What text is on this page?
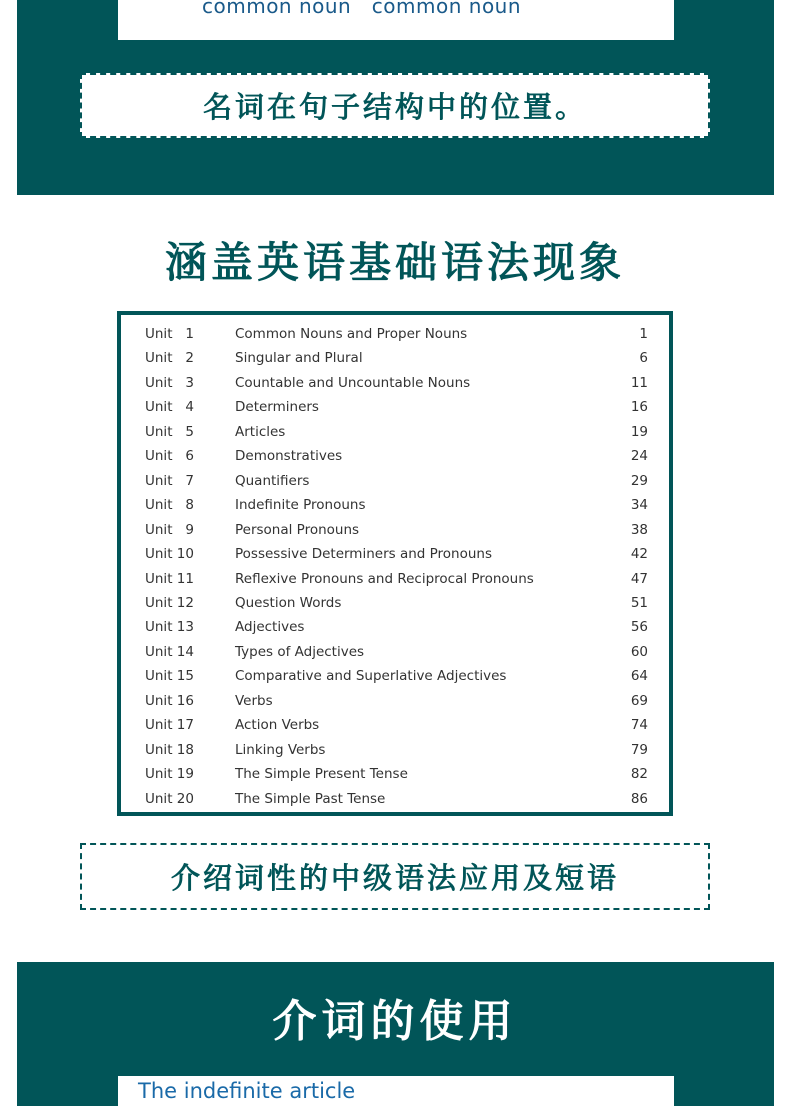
common noun   common noun
名词在句子结构中的位置。
涵盖英语基础语法现象
Unit   1	Common Nouns and Proper Nouns	1
Unit   2	Singular and Plural	6
Unit   3	Countable and Uncountable Nouns	11
Unit   4	Determiners	16
Unit   5	Articles	19
Unit   6	Demonstratives	24
Unit   7	Quantifiers	29
Unit   8	Indefinite Pronouns	34
Unit   9	Personal Pronouns	38
Unit 10	Possessive Determiners and Pronouns	42
Unit 11	Reflexive Pronouns and Reciprocal Pronouns	47
Unit 12	Question Words	51
Unit 13	Adjectives	56
Unit 14	Types of Adjectives	60
Unit 15	Comparative and Superlative Adjectives	64
Unit 16	Verbs	69
Unit 17	Action Verbs	74
Unit 18	Linking Verbs	79
Unit 19	The Simple Present Tense	82
Unit 20	The Simple Past Tense	86
介绍词性的中级语法应用及短语
介词的使用
The indefinite article
